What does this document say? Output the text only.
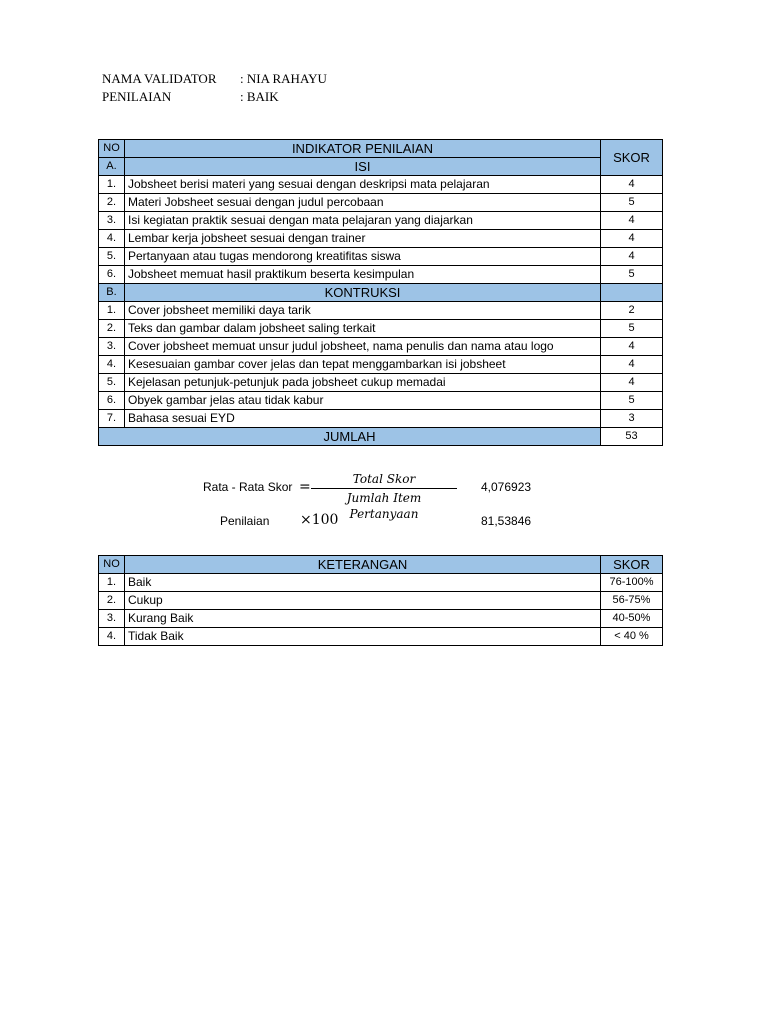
NAMA VALIDATOR : NIA RAHAYU
PENILAIAN	: BAIK
NO	INDIKATOR PENILAIAN	SKOR
A.	ISI	
1.	Jobsheet berisi materi yang sesuai dengan deskripsi mata pelajaran	4
2.	Materi Jobsheet sesuai dengan judul percobaan	5
3.	Isi kegiatan praktik sesuai dengan mata pelajaran yang diajarkan	4
4.	Lembar kerja jobsheet sesuai dengan trainer	4
5.	Pertanyaan atau tugas mendorong kreatifitas siswa	4
6.	Jobsheet memuat hasil praktikum beserta kesimpulan	5
B.	KONTRUKSI	
1.	Cover jobsheet memiliki daya tarik	2
2.	Teks dan gambar dalam jobsheet saling terkait	5
3.	Cover jobsheet memuat unsur judul jobsheet, nama penulis dan nama atau logo	4
4.	Kesesuaian gambar cover jelas dan tepat menggambarkan isi jobsheet	4
5.	Kejelasan petunjuk-petunjuk pada jobsheet cukup memadai	4
6.	Obyek gambar jelas atau tidak kabur	5
7.	Bahasa sesuai EYD	3
JUMLAH		53
Rata - Rata Skor =	Total Skor
Jumlah Item Pertanyaan
4,076923
Penilaian ×100	81,53846
NO	KETERANGAN	SKOR
1.	Baik	76-100%
2.	Cukup	56-75%
3.	Kurang Baik	40-50%
4.	Tidak Baik	< 40 %
